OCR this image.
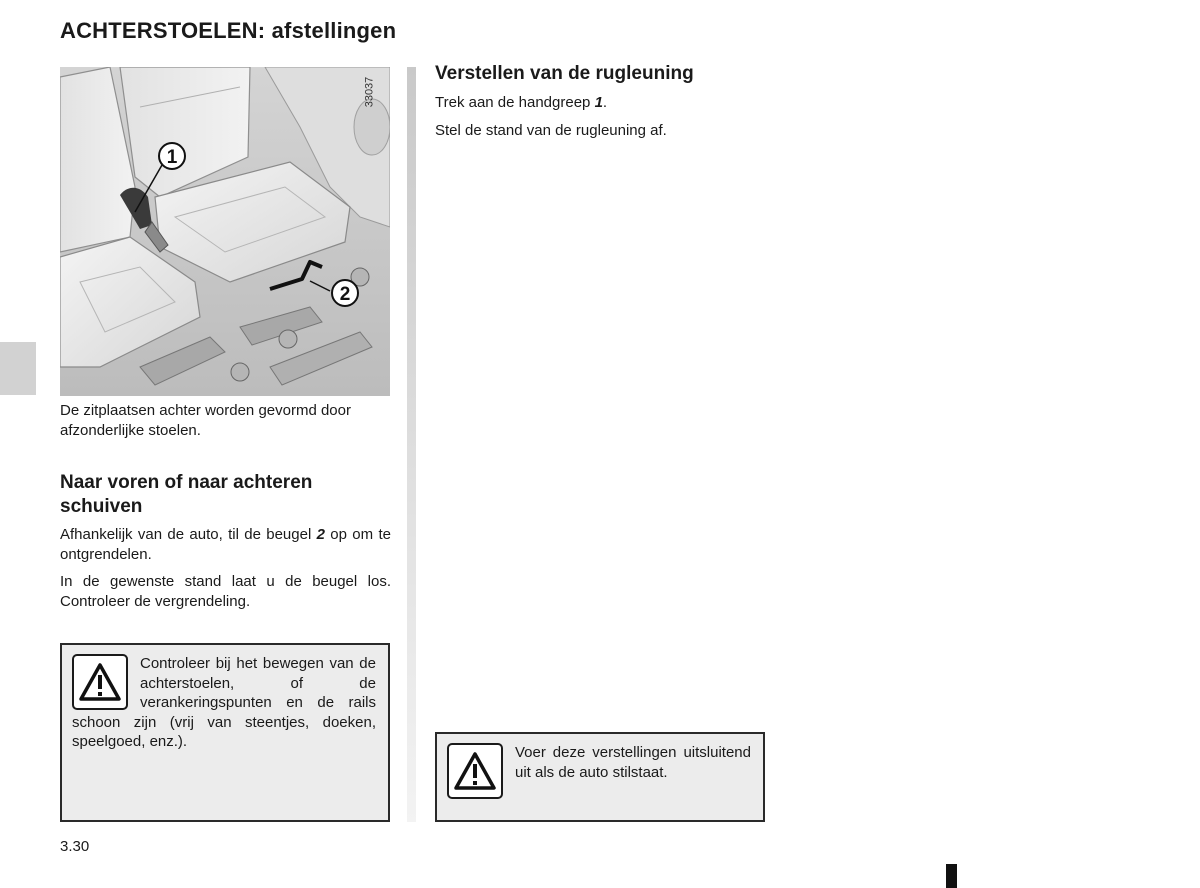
ACHTERSTOELEN: afstellingen
1
2
33037

De zitplaatsen achter worden gevormd door afzonderlijke stoelen.

Naar voren of naar achteren schuiven

Afhankelijk van de auto, til de beugel 2 op om te ontgrendelen.

In de gewenste stand laat u de beugel los. Controleer de vergrendeling.

Controleer bij het bewegen van de achterstoelen, of de verankeringspunten en de rails schoon zijn (vrij van steentjes, doeken, speelgoed, enz.).

Verstellen van de rugleuning

Trek aan de handgreep 1.

Stel de stand van de rugleuning af.

Voer deze verstellingen uitsluitend uit als de auto stilstaat.

3.30
